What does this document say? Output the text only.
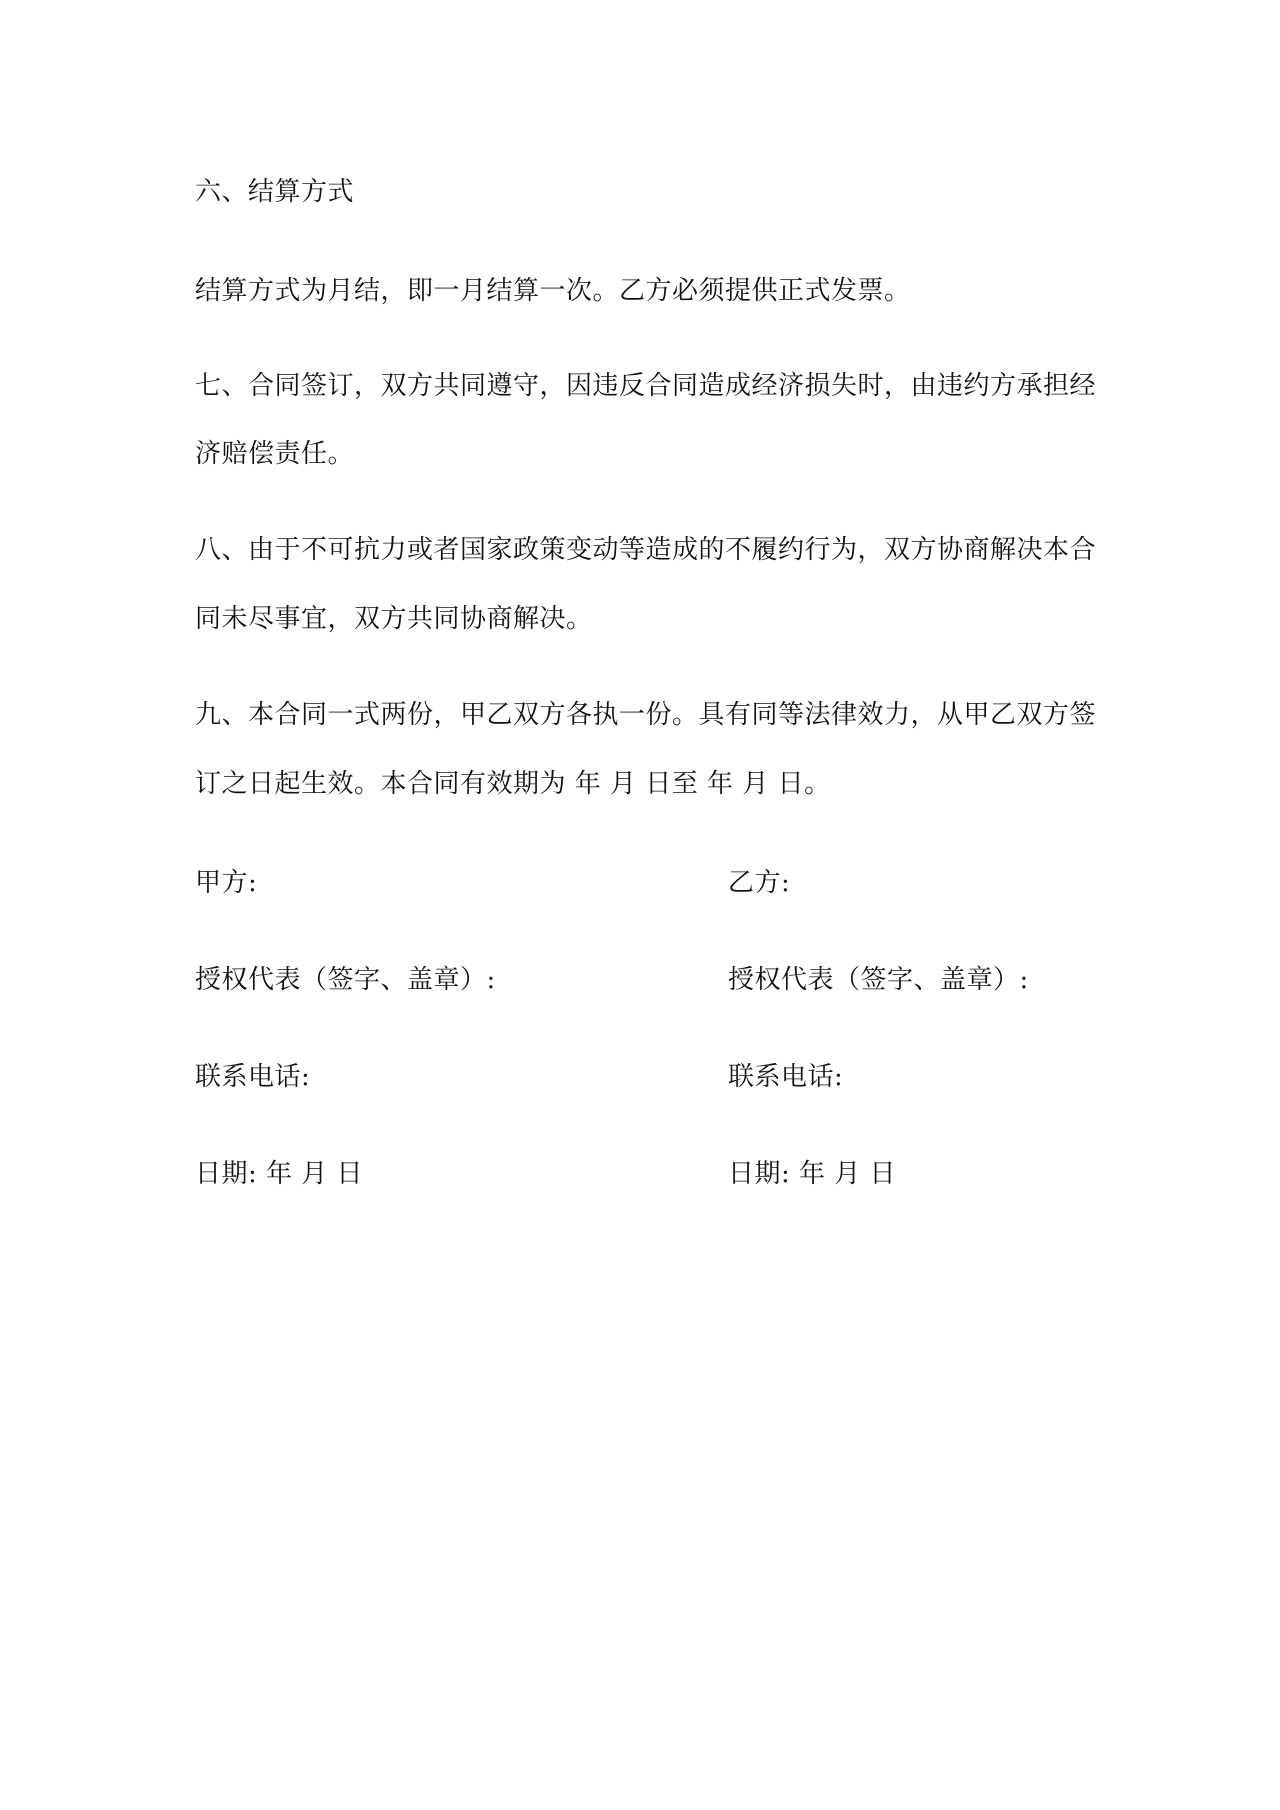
六、结算方式
结算方式为月结，即一月结算一次。乙方必须提供正式发票。
七、合同签订，双方共同遵守，因违反合同造成经济损失时，由违约方承担经
济赔偿责任。
八、由于不可抗力或者国家政策变动等造成的不履约行为，双方协商解决本合
同未尽事宜，双方共同协商解决。
九、本合同一式两份，甲乙双方各执一份。具有同等法律效力，从甲乙双方签
订之日起生效。本合同有效期为 年 月 日至 年 月 日。
甲方:	乙方:
授权代表（签字、盖章）:	授权代表（签字、盖章）:
联系电话:	联系电话:
日期: 年 月 日	日期: 年 月 日
